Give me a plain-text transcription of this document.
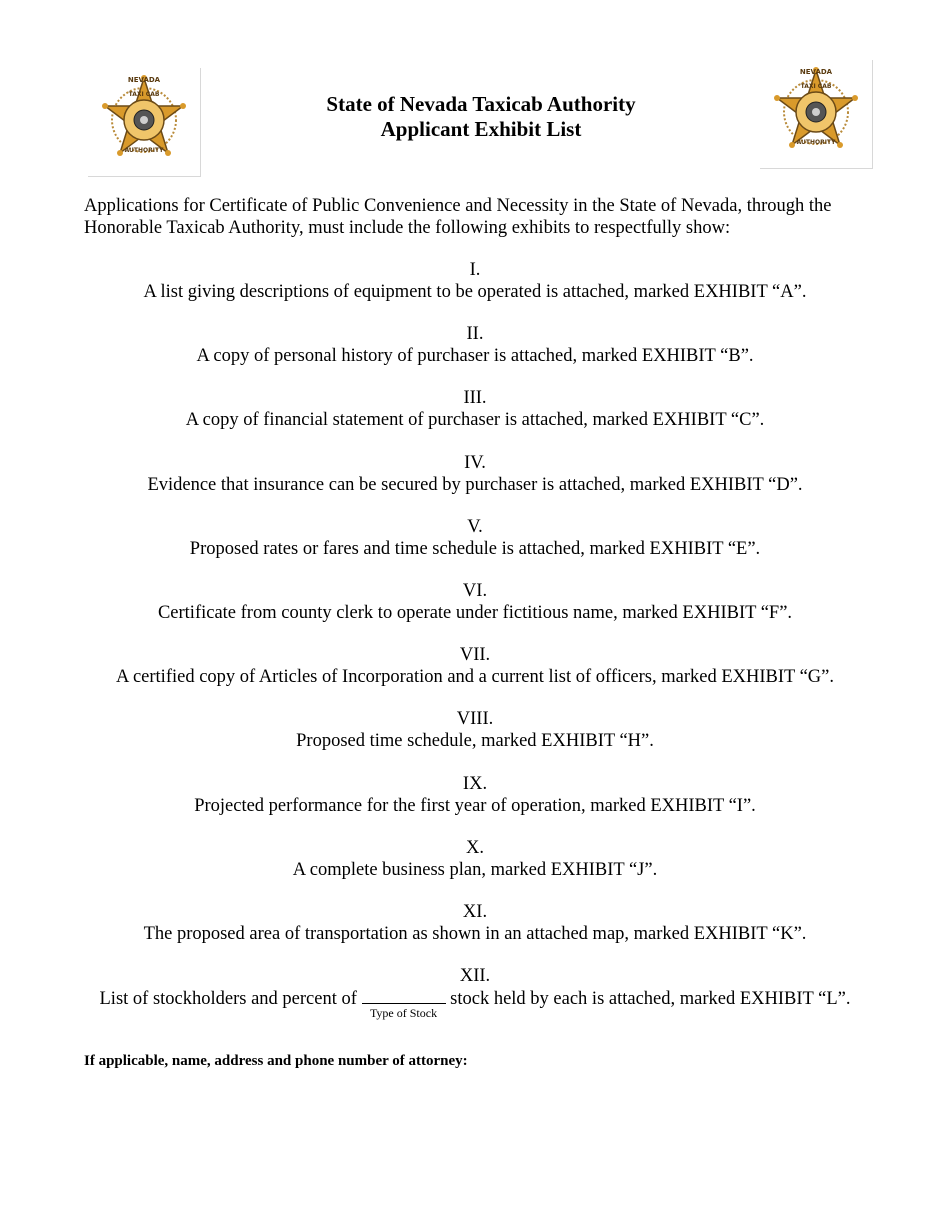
NEVADA
TAXI CAB
AUTHORITY
NEVADA
TAXI CAB
AUTHORITY
State of Nevada Taxicab Authority
Applicant Exhibit List
Applications for Certificate of Public Convenience and Necessity in the State of Nevada, through the Honorable Taxicab Authority, must include the following exhibits to respectfully show:
I.
A list giving descriptions of equipment to be operated is attached, marked EXHIBIT “A”.
II.
A copy of personal history of purchaser is attached, marked EXHIBIT “B”.
III.
A copy of financial statement of purchaser is attached, marked EXHIBIT “C”.
IV.
Evidence that insurance can be secured by purchaser is attached, marked EXHIBIT “D”.
V.
Proposed rates or fares and time schedule is attached, marked EXHIBIT “E”.
VI.
Certificate from county clerk to operate under fictitious name, marked EXHIBIT “F”.
VII.
A certified copy of Articles of Incorporation and a current list of officers, marked EXHIBIT “G”.
VIII.
Proposed time schedule, marked EXHIBIT “H”.
IX.
Projected performance for the first year of operation, marked EXHIBIT “I”.
X.
A complete business plan, marked EXHIBIT “J”.
XI.
The proposed area of transportation as shown in an attached map, marked EXHIBIT “K”.
XII.
List of stockholders and percent of
Type of Stock
stock held by each is attached, marked EXHIBIT “L”.
If applicable, name, address and phone number of attorney:
